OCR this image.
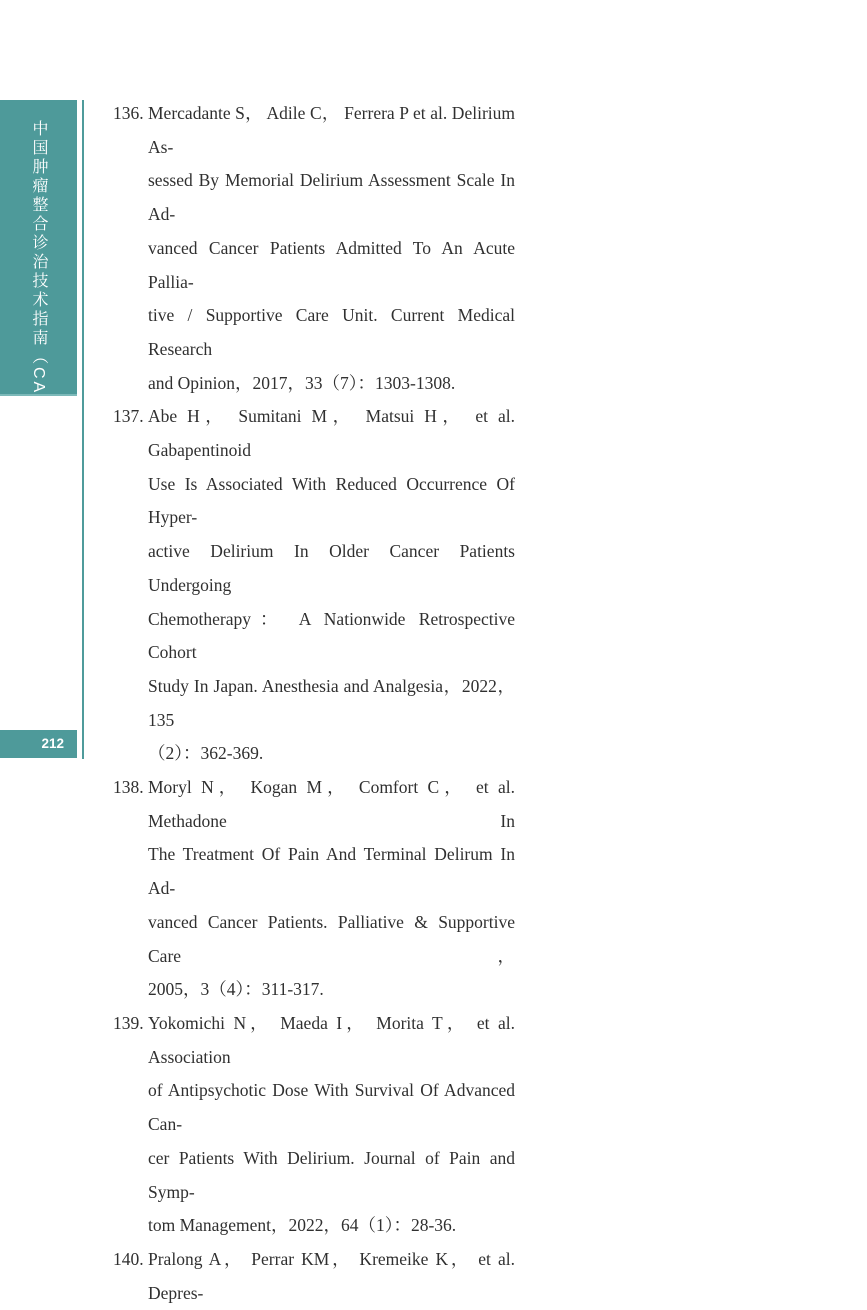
中国肿瘤整合诊治技术指南（CACA）
212
136. Mercadante S， Adile C， Ferrera P et al. Delirium As-
sessed By Memorial Delirium Assessment Scale In Ad-
vanced Cancer Patients Admitted To An Acute Pallia-
tive / Supportive Care Unit. Current Medical Research
and Opinion，2017，33（7）：1303-1308.
137. Abe H， Sumitani M， Matsui H， et al. Gabapentinoid
Use Is Associated With Reduced Occurrence Of Hyper-
active Delirium In Older Cancer Patients Undergoing
Chemotherapy： A Nationwide Retrospective Cohort
Study In Japan. Anesthesia and Analgesia，2022，135
（2）：362-369.
138. Moryl N， Kogan M， Comfort C， et al. Methadone In
The Treatment Of Pain And Terminal Delirum In Ad-
vanced Cancer Patients. Palliative & Supportive Care，
2005，3（4）：311-317.
139. Yokomichi N， Maeda I， Morita T， et al. Association
of Antipsychotic Dose With Survival Of Advanced Can-
cer Patients With Delirium. Journal of Pain and Symp-
tom Management，2022，64（1）：28-36.
140. Pralong A， Perrar KM， Kremeike K， et al. Depres-
